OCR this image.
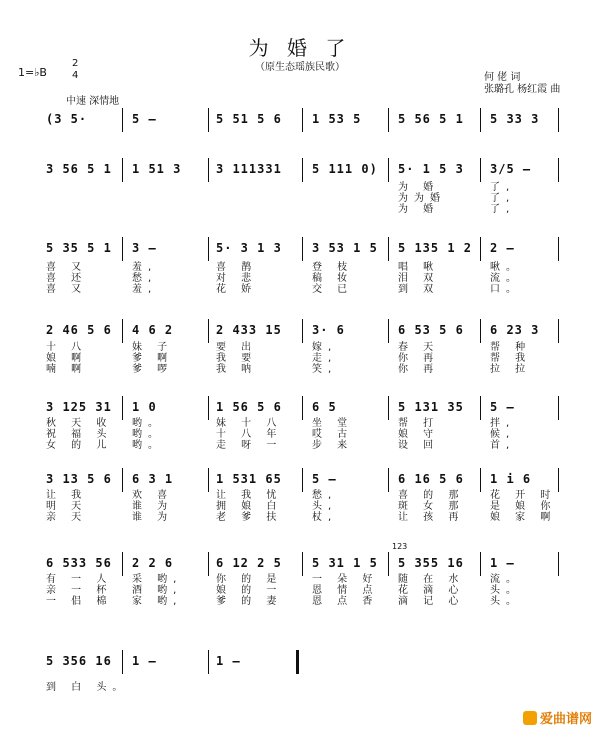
为 婚 了
（原生态瑶族民歌）
何 佬 词
张璐孔 杨红霞 曲
1=♭B
2
4
中速 深情地
(3 5·	5 –	5 51 5 6	1 53 5	5 56 5 1 5 33 3
3 56 5 1 1 51 3	3 111331	5 111 0) 5· 1 5 3 3/5 –
为 婚
为为婚
为 婚
了,
了,
了,
5 35 5 1 3 –	5· 3 1 3	3 53 1 5 5 135 1 2 2 –
喜 又
喜 还
喜 又
羞,
愁,
羞,
喜 鹊
对 悲
花 娇
登 枝
稿 妆
交 已
唱 啾
泪 双
到 双
啾。
流。
口。
2 46 5 6 4 6 2	2 433 15	3· 6	6 53 5 6 6 23 3
十 八
娘 啊
喃 啊
妹 子
爹 啊
爹 啰
要 出
我 要
我 呐
嫁,
走,
笑,
春 天
你 再
你 再
帮 种
帮 我
拉 拉
3 125 31 1 0	1 56 5 6	6 5	5 131 35 5 –
秋 天 收
祝 福 头
女 的 儿
哟。
哟。
哟。
妹 十 八
十 八 年
走 呀 一
坐 堂
哎 古
步 来
帮 打
娘 守
设 回
拌,
候,
首,
3 13 5 6 6 3 1	1 531 65	5 –	6 16 5 6 1 i 6
让 我
明 天
亲 天
欢 喜
谁 为
谁 为
让 我 忧
拥 娘 白
老 爹 扶
愁,
头,
杖,
喜 的 那
斑 女 那
让 孩 再
花 开 时
是 娘 你
娘 家 啊
6 533 56 2 2 6	6 12 2 5	5 31 1 5 5 355 16 1 –
有 一 人
亲 一 杯
一 侣 棉
采 哟,
酒 哟,
家 哟,
你 的 是
娘 的 一
爹 的 妻
一 朵 好
恩 情 点
恩 点 香
随 在 水
花 滴 心
滴 记 心
流。
头。
头。
5 356 16 1 –	1 –
到 白 头。
123
爱曲谱网
